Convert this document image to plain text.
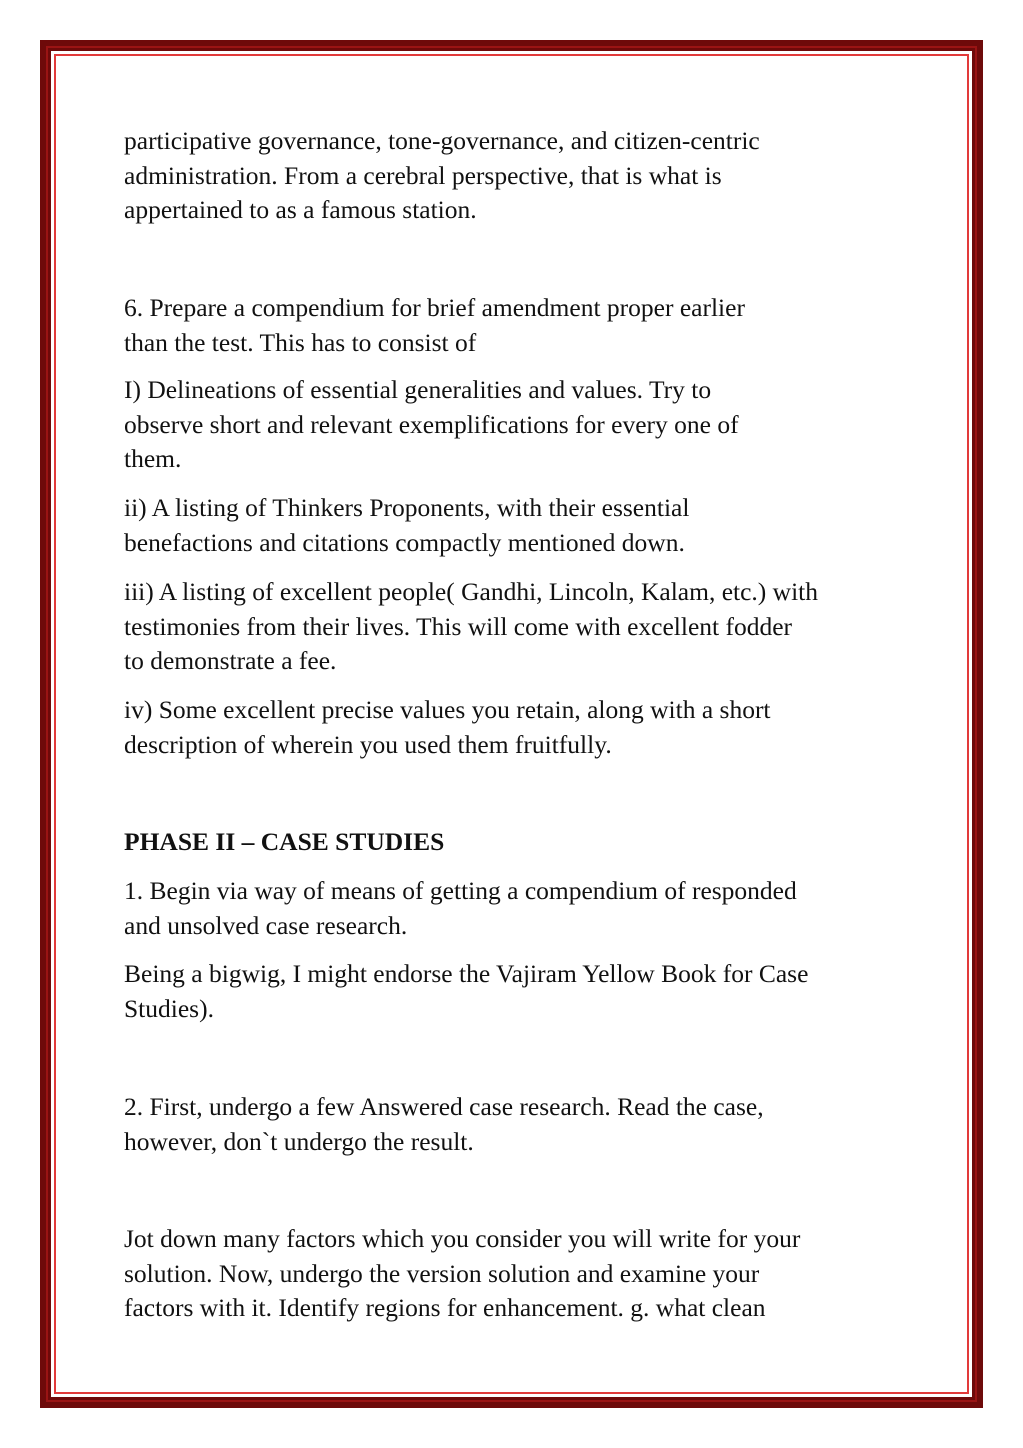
participative governance, tone-governance, and citizen-centric
administration. From a cerebral perspective, that is what is
appertained to as a famous station.

6. Prepare a compendium for brief amendment proper earlier
than the test. This has to consist of

I) Delineations of essential generalities and values. Try to
observe short and relevant exemplifications for every one of
them.

ii) A listing of Thinkers Proponents, with their essential
benefactions and citations compactly mentioned down.

iii) A listing of excellent people( Gandhi, Lincoln, Kalam, etc.) with
testimonies from their lives. This will come with excellent fodder
to demonstrate a fee.

iv) Some excellent precise values you retain, along with a short
description of wherein you used them fruitfully.

PHASE II – CASE STUDIES

1. Begin via way of means of getting a compendium of responded
and unsolved case research.

Being a bigwig, I might endorse the Vajiram Yellow Book for Case
Studies).

2. First, undergo a few Answered case research. Read the case,
however, don`t undergo the result.

Jot down many factors which you consider you will write for your
solution. Now, undergo the version solution and examine your
factors with it. Identify regions for enhancement. g. what clean
